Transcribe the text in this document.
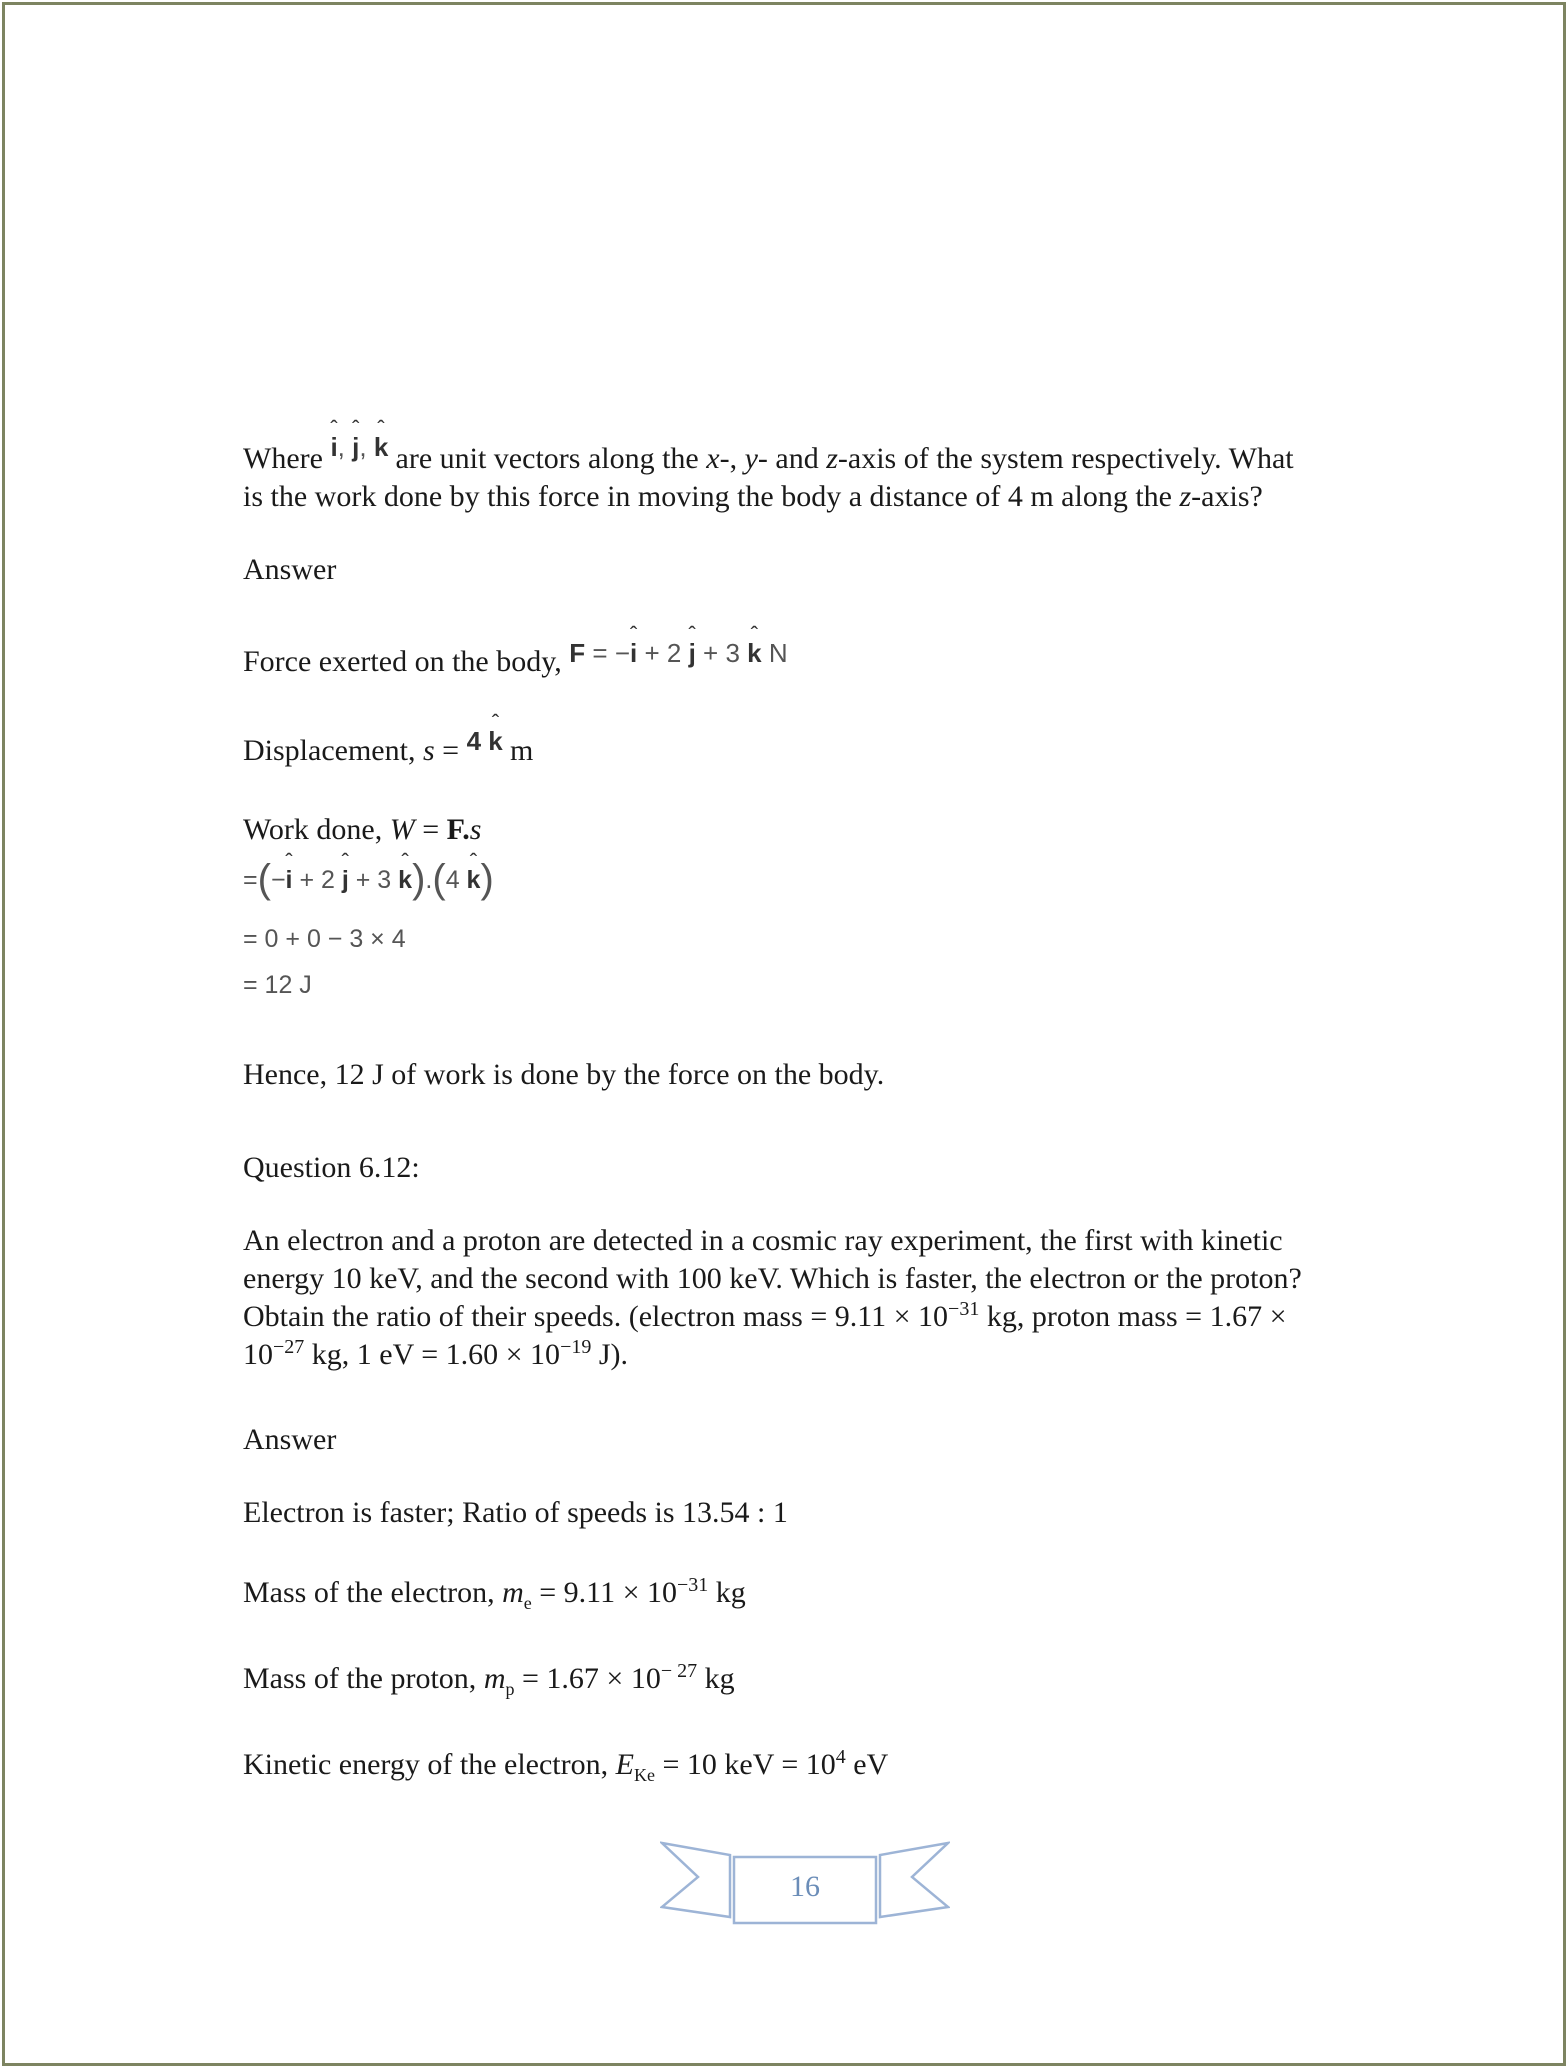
Where ˆ i, ˆ j, ˆ k are unit vectors along the x-, y- and z-axis of the system respectively. What
is the work done by this force in moving the body a distance of 4 m along the z-axis?

Answer

Force exerted on the body, F = −ˆ i + 2 ˆ j + 3 ˆ k N

Displacement, s = 4 ˆ k m

Work done, W = F.s

=(−ˆ i + 2 ˆ j + 3 ˆ k).(4 ˆ k)

= 0 + 0 − 3 × 4

= 12 J

Hence, 12 J of work is done by the force on the body.

Question 6.12:

An electron and a proton are detected in a cosmic ray experiment, the first with kinetic
energy 10 keV, and the second with 100 keV. Which is faster, the electron or the proton?
Obtain the ratio of their speeds. (electron mass = $9.11 \times 10^{-31}$ kg, proton mass = 1.67 ×
$10^{-27}$ kg, 1 eV = $1.60 \times 10^{-19}$ J).

Answer

Electron is faster; Ratio of speeds is 13.54 : 1

Mass of the electron, $m_e = 9.11 \times 10^{-31}$ kg

Mass of the proton, $m_p = 1.67 \times 10^{- 27}$ kg

Kinetic energy of the electron, $E_{Ke} = 10$ keV = $10^4$ eV

16
